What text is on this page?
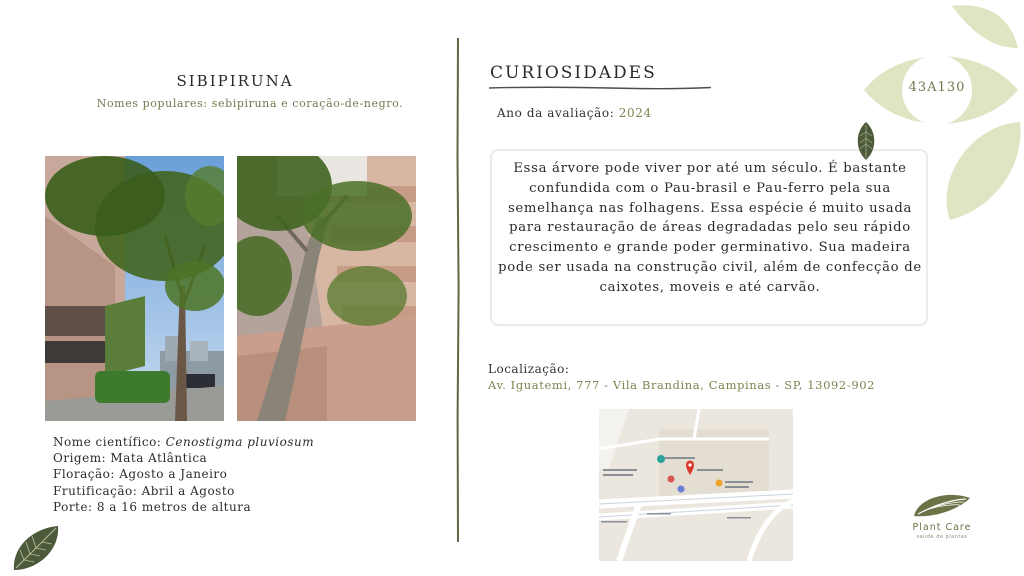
SIBIPIRUNA
Nomes populares: sebipiruna e coração-de-negro.
Nome científico: Cenostigma pluviosum
Origem: Mata Atlântica
Floração: Agosto a Janeiro
Frutificação: Abril a Agosto
Porte: 8 a 16 metros de altura
CURIOSIDADES
Ano da avaliação: 2024
Essa árvore pode viver por até um século. É bastante confundida com o Pau-brasil e Pau-ferro pela sua semelhança nas folhagens. Essa espécie é muito usada para restauração de áreas degradadas pelo seu rápido crescimento e grande poder germinativo. Sua madeira pode ser usada na construção civil, além de confecção de caixotes, moveis e até carvão.
Localização:
Av. Iguatemi, 777 - Vila Brandina, Campinas - SP, 13092-902
43A130
Plant Care
saúde de plantas
